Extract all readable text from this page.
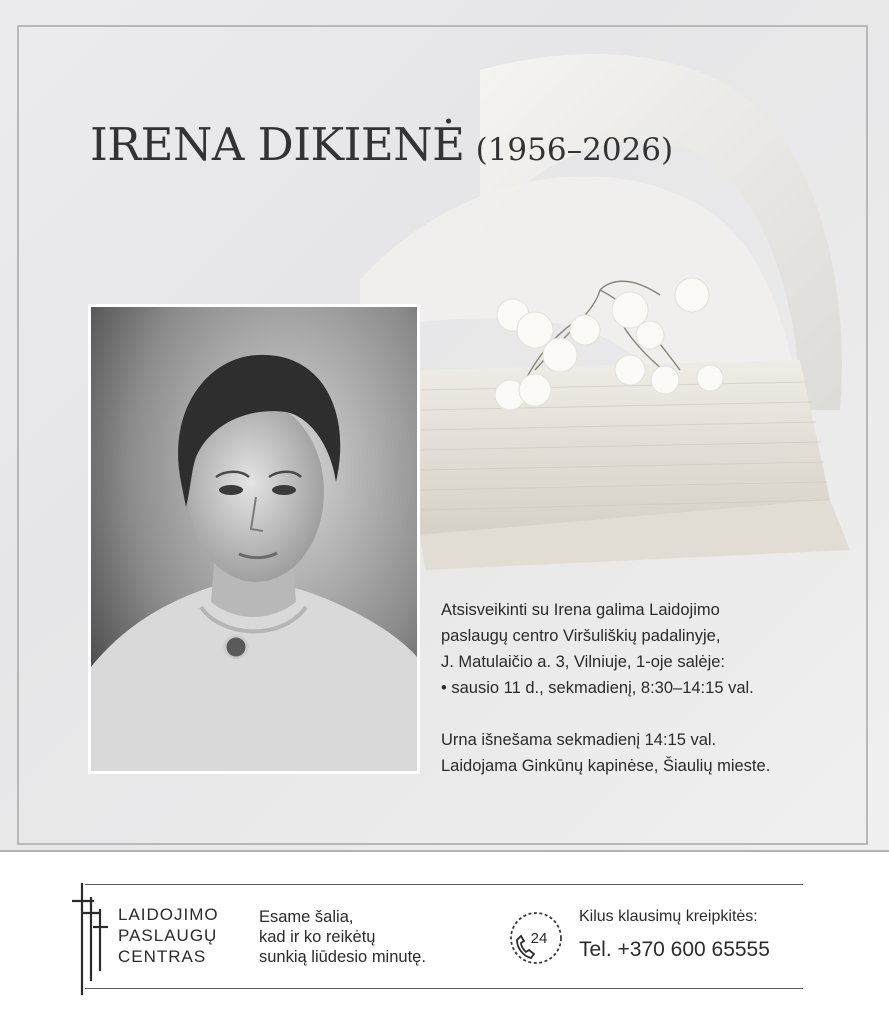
IRENA DIKIENĖ (1956–2026)

Atsisveikinti su Irena galima Laidojimo

paslaugų centro Viršuliškių padalinyje,

J. Matulaičio a. 3, Vilniuje, 1-oje salėje:

• sausio 11 d., sekmadienį, 8:30–14:15 val.

Urna išnešama sekmadienį 14:15 val.

Laidojama Ginkūnų kapinėse, Šiaulių mieste.

LAIDOJIMO
PASLAUGŲ
CENTRAS
Esame šalia,
kad ir ko reikėtų
sunkią liūdesio minutę.
24
Kilus klausimų kreipkitės:
Tel. +370 600 65555
